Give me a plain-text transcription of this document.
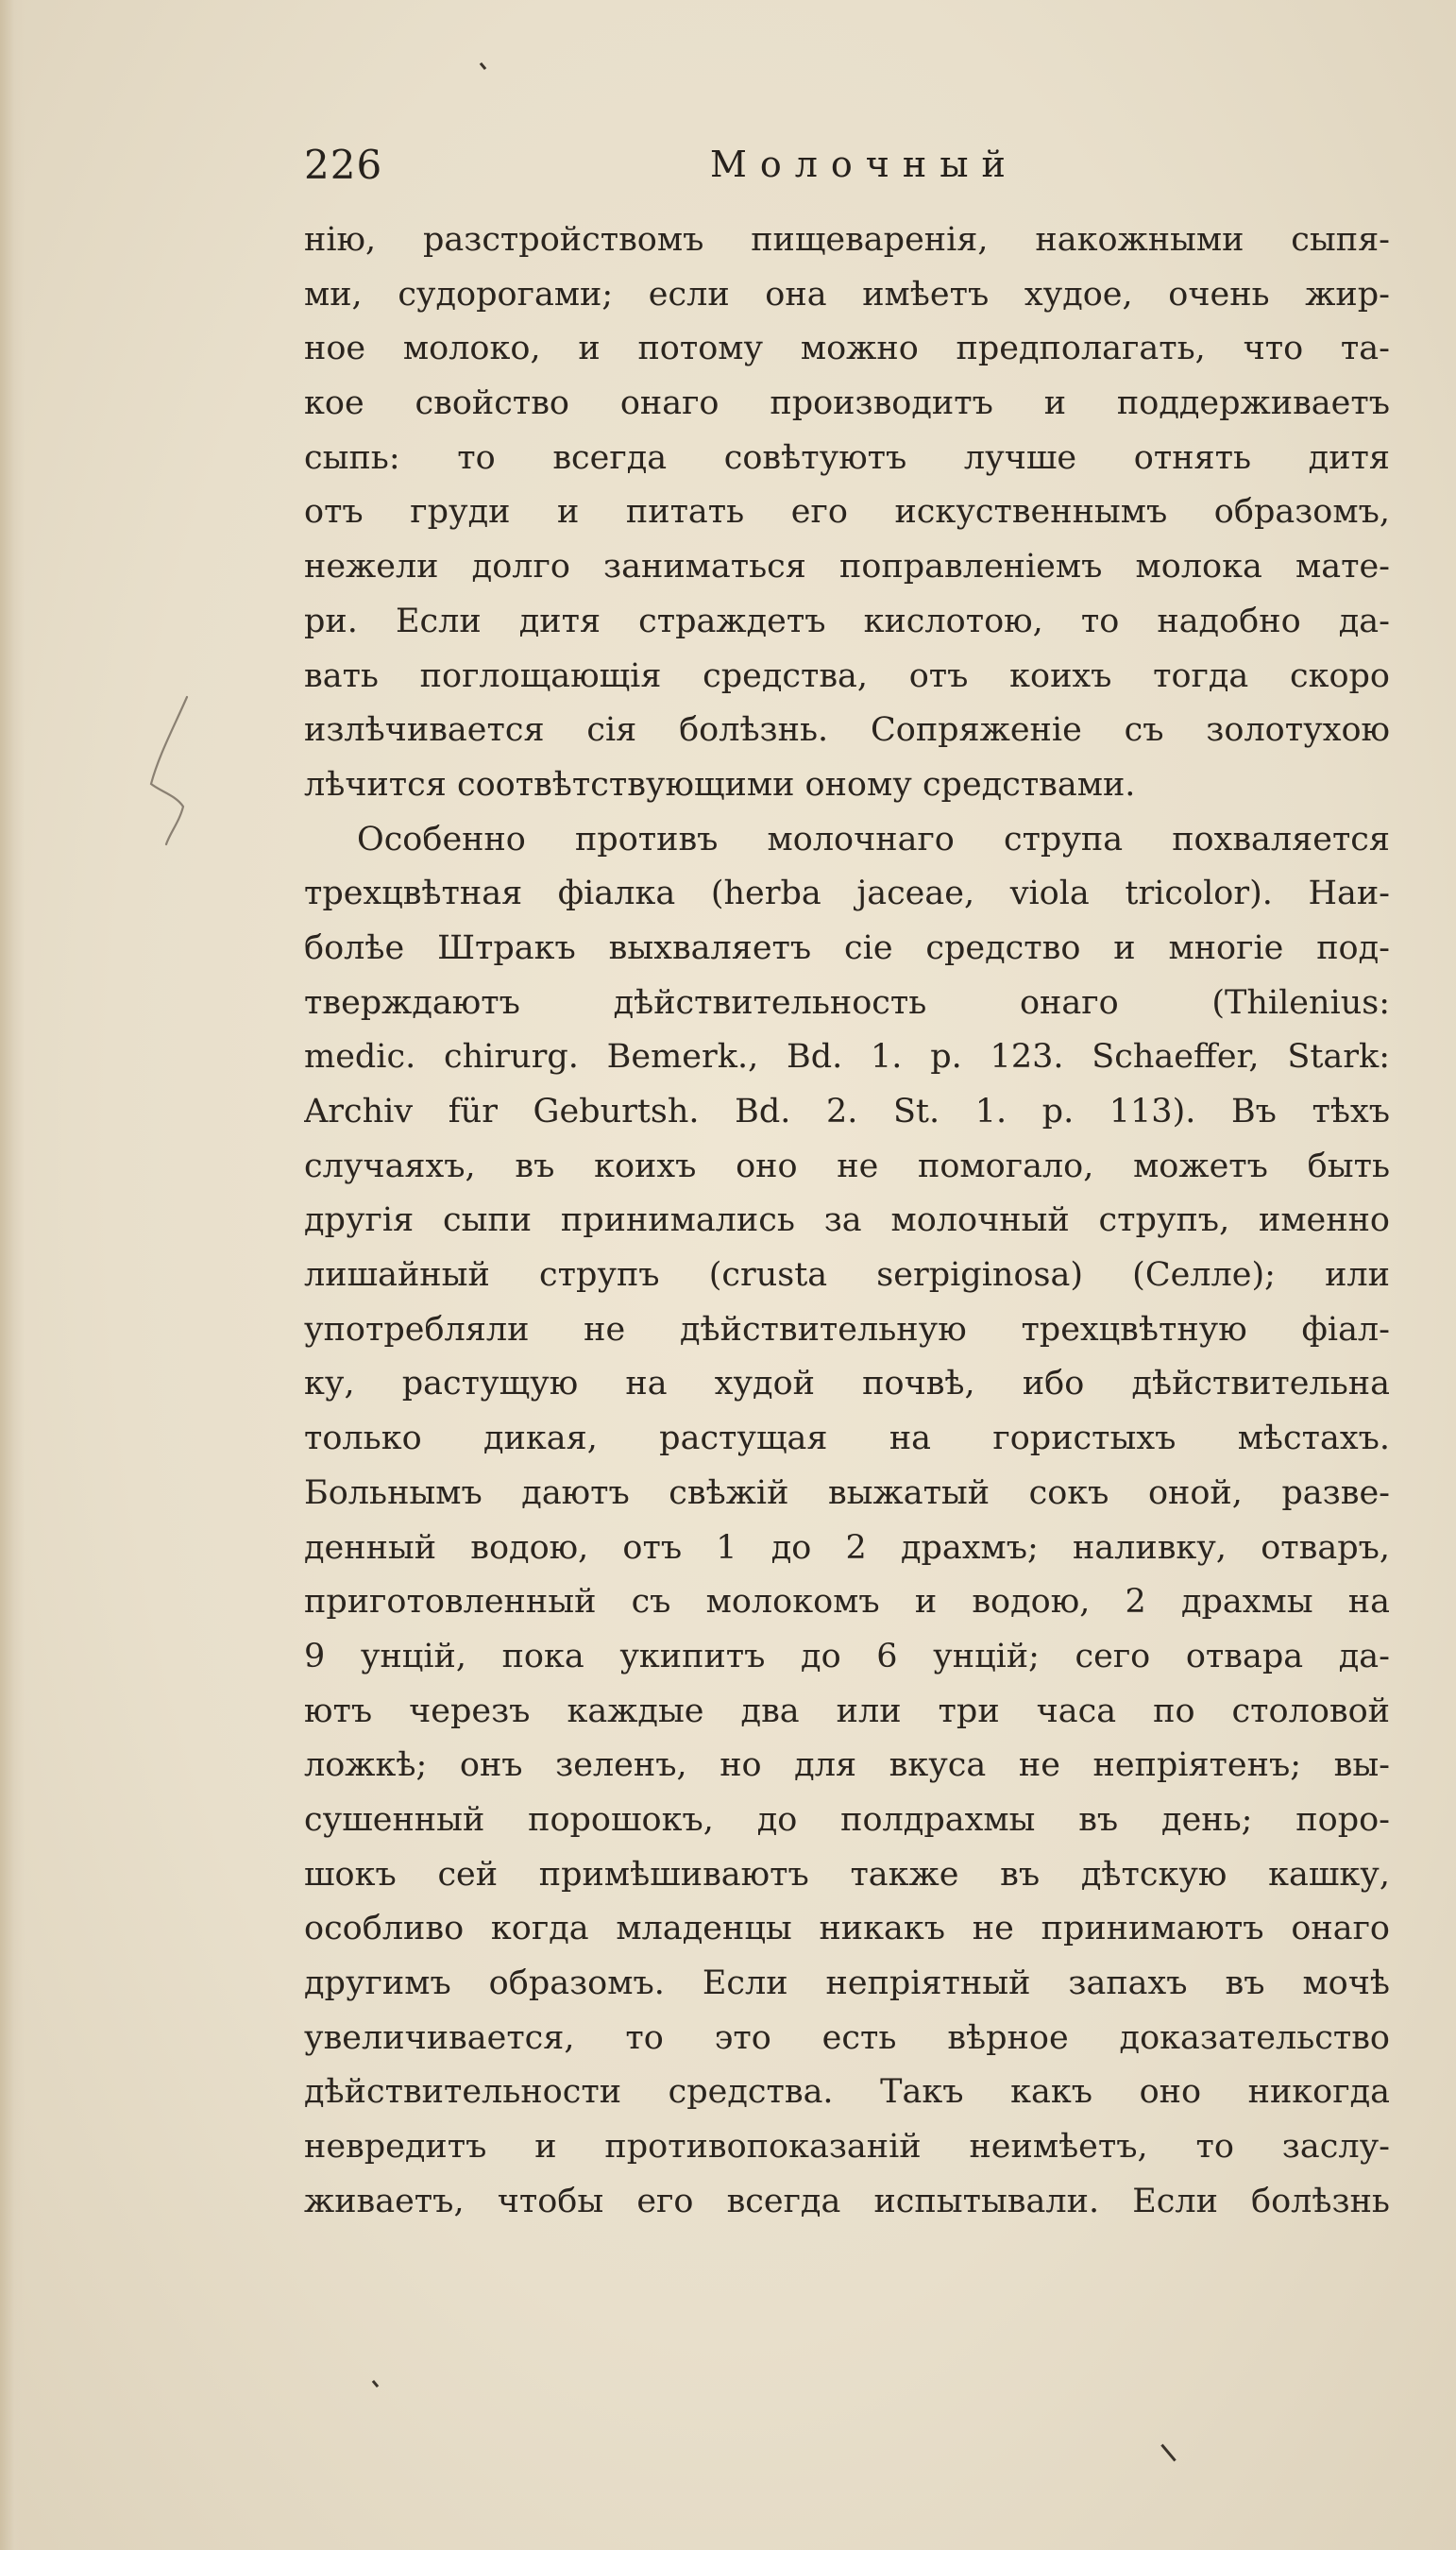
226	Молочный
нію, разстройствомъ пищеваренія, накожными сыпя-
ми, судорогами; если она имѣетъ худое, очень жир-
ное молоко, и потому можно предполагать, что та-
кое свойство онаго производитъ и поддерживаетъ
сыпь: то всегда совѣтуютъ лучше отнять дитя
отъ груди и питать его искуственнымъ образомъ,
нежели долго заниматься поправленіемъ молока мате-
ри. Если дитя страждетъ кислотою, то надобно да-
вать поглощающія средства, отъ коихъ тогда скоро
излѣчивается сія болѣзнь. Сопряженіе съ золотухою
лѣчится соотвѣтствующими оному средствами.
Особенно противъ молочнаго струпа похваляется
трехцвѣтная фіалка (herba jaceae, viola tricolor). Наи-
болѣе Штракъ выхваляетъ сіе средство и многіе под-
тверждаютъ дѣйствительность онаго (Thilenius:
medic. chirurg. Bemerk., Bd. 1. p. 123. Schaeffer, Stark:
Archiv für Geburtsh. Bd. 2. St. 1. p. 113). Въ тѣхъ
случаяхъ, въ коихъ оно не помогало, можетъ быть
другія сыпи принимались за молочный струпъ, именно
лишайный струпъ (crusta serpiginosa) (Селле); или
употребляли не дѣйствительную трехцвѣтную фіал-
ку, растущую на худой почвѣ, ибо дѣйствительна
только дикая, растущая на гористыхъ мѣстахъ.
Больнымъ даютъ свѣжій выжатый сокъ оной, разве-
денный водою, отъ 1 до 2 драхмъ; наливку, отваръ,
приготовленный съ молокомъ и водою, 2 драхмы на
9 унцій, пока укипитъ до 6 унцій; сего отвара да-
ютъ черезъ каждые два или три часа по столовой
ложкѣ; онъ зеленъ, но для вкуса не непріятенъ; вы-
сушенный порошокъ, до полдрахмы въ день; поро-
шокъ сей примѣшиваютъ также въ дѣтскую кашку,
особливо когда младенцы никакъ не принимаютъ онаго
другимъ образомъ. Если непріятный запахъ въ мочѣ
увеличивается, то это есть вѣрное доказательство
дѣйствительности средства. Такъ какъ оно никогда
невредитъ и противопоказаній неимѣетъ, то заслу-
живаетъ, чтобы его всегда испытывали. Если болѣзнь
